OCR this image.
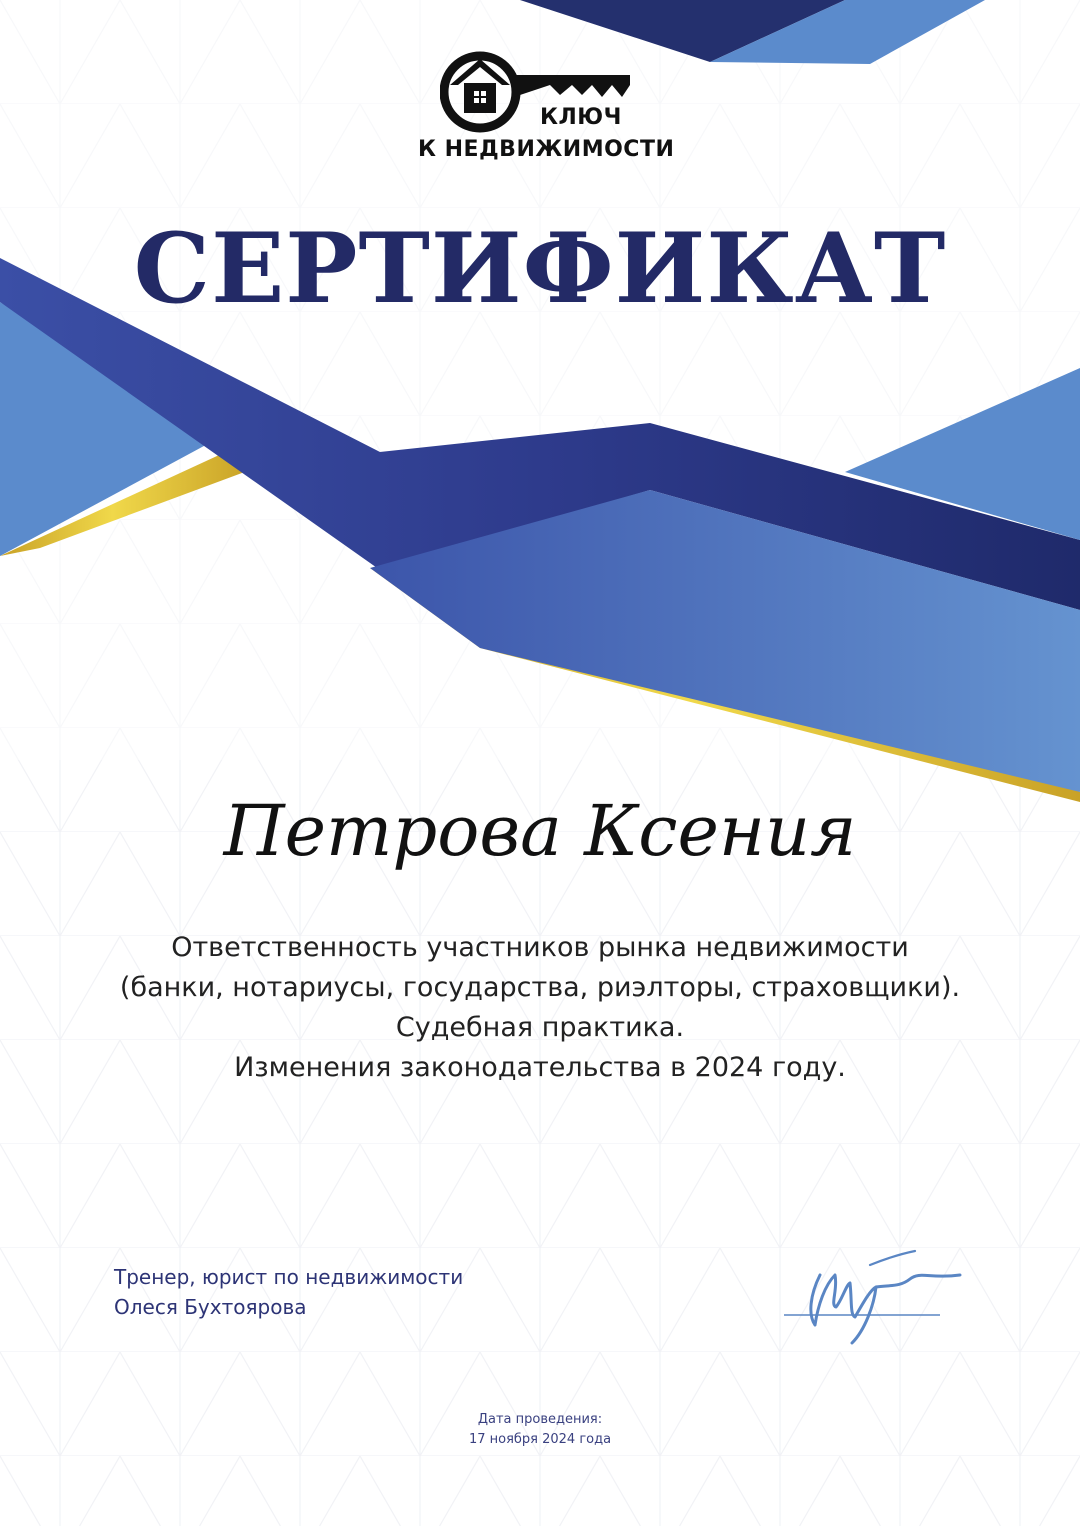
КЛЮЧ
К НЕДВИЖИМОСТИ
СЕРТИФИКАТ
Петрова Ксения
Ответственность участников рынка недвижимости
(банки, нотариусы, государства, риэлторы, страховщики).
Судебная практика.
Изменения законодательства в 2024 году.
Тренер, юрист по недвижимости
Олеся Бухтоярова
Дата проведения:
17 ноября 2024 года
